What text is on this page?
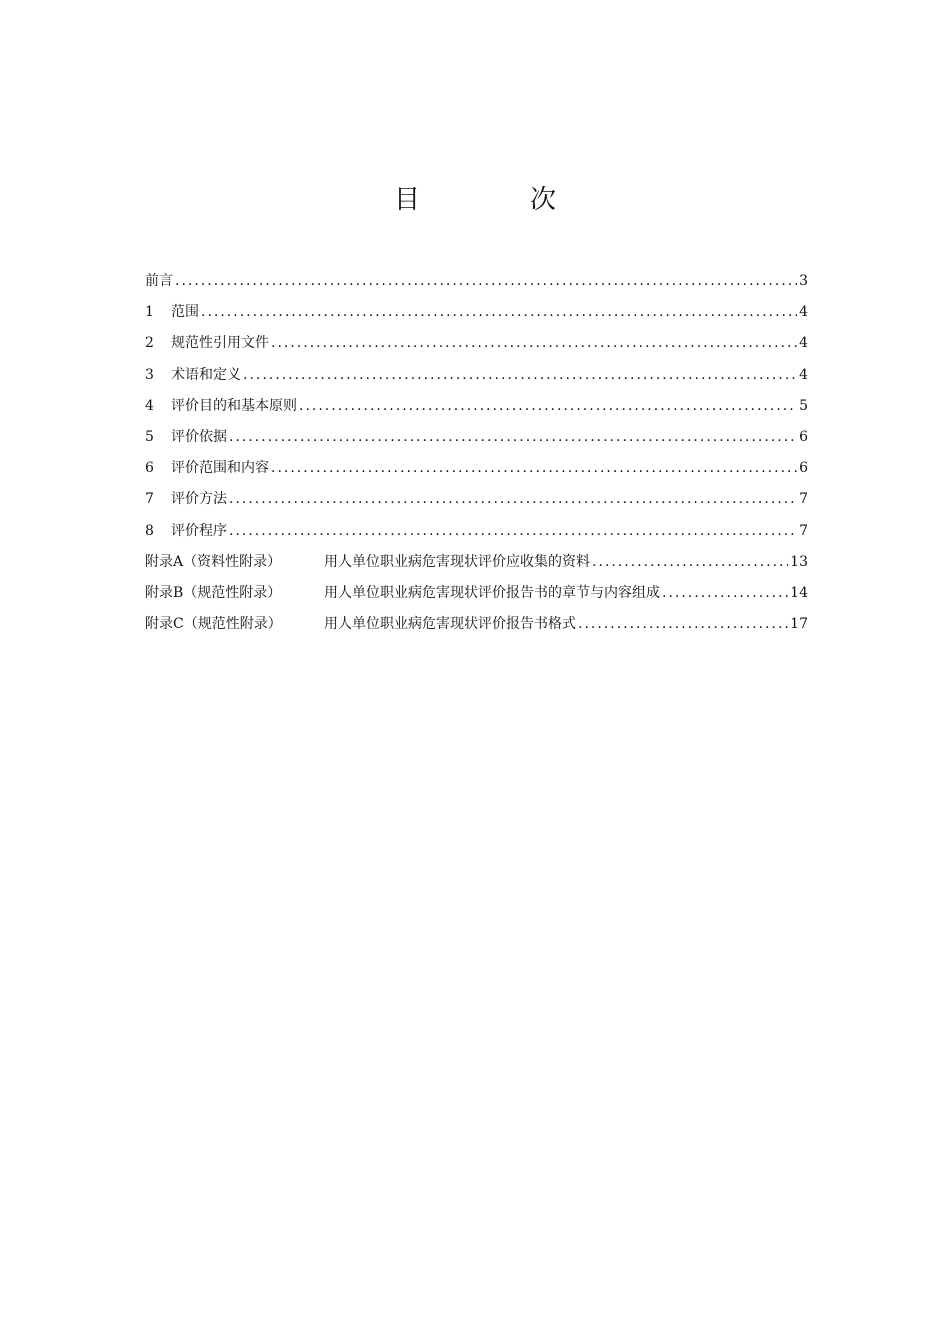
目　次
前言 .....	3
1	范围 .....	4
2	规范性引用文件 .....	4
3	术语和定义 .....	4
4	评价目的和基本原则 .....	5
5	评价依据 .....	6
6	评价范围和内容 .....	6
7	评价方法 .....	7
8	评价程序 .....	7
附录A（资料性附录）	用人单位职业病危害现状评价应收集的资料 .....	13
附录B（规范性附录）	用人单位职业病危害现状评价报告书的章节与内容组成 .....	14
附录C（规范性附录）	用人单位职业病危害现状评价报告书格式 .....	17
